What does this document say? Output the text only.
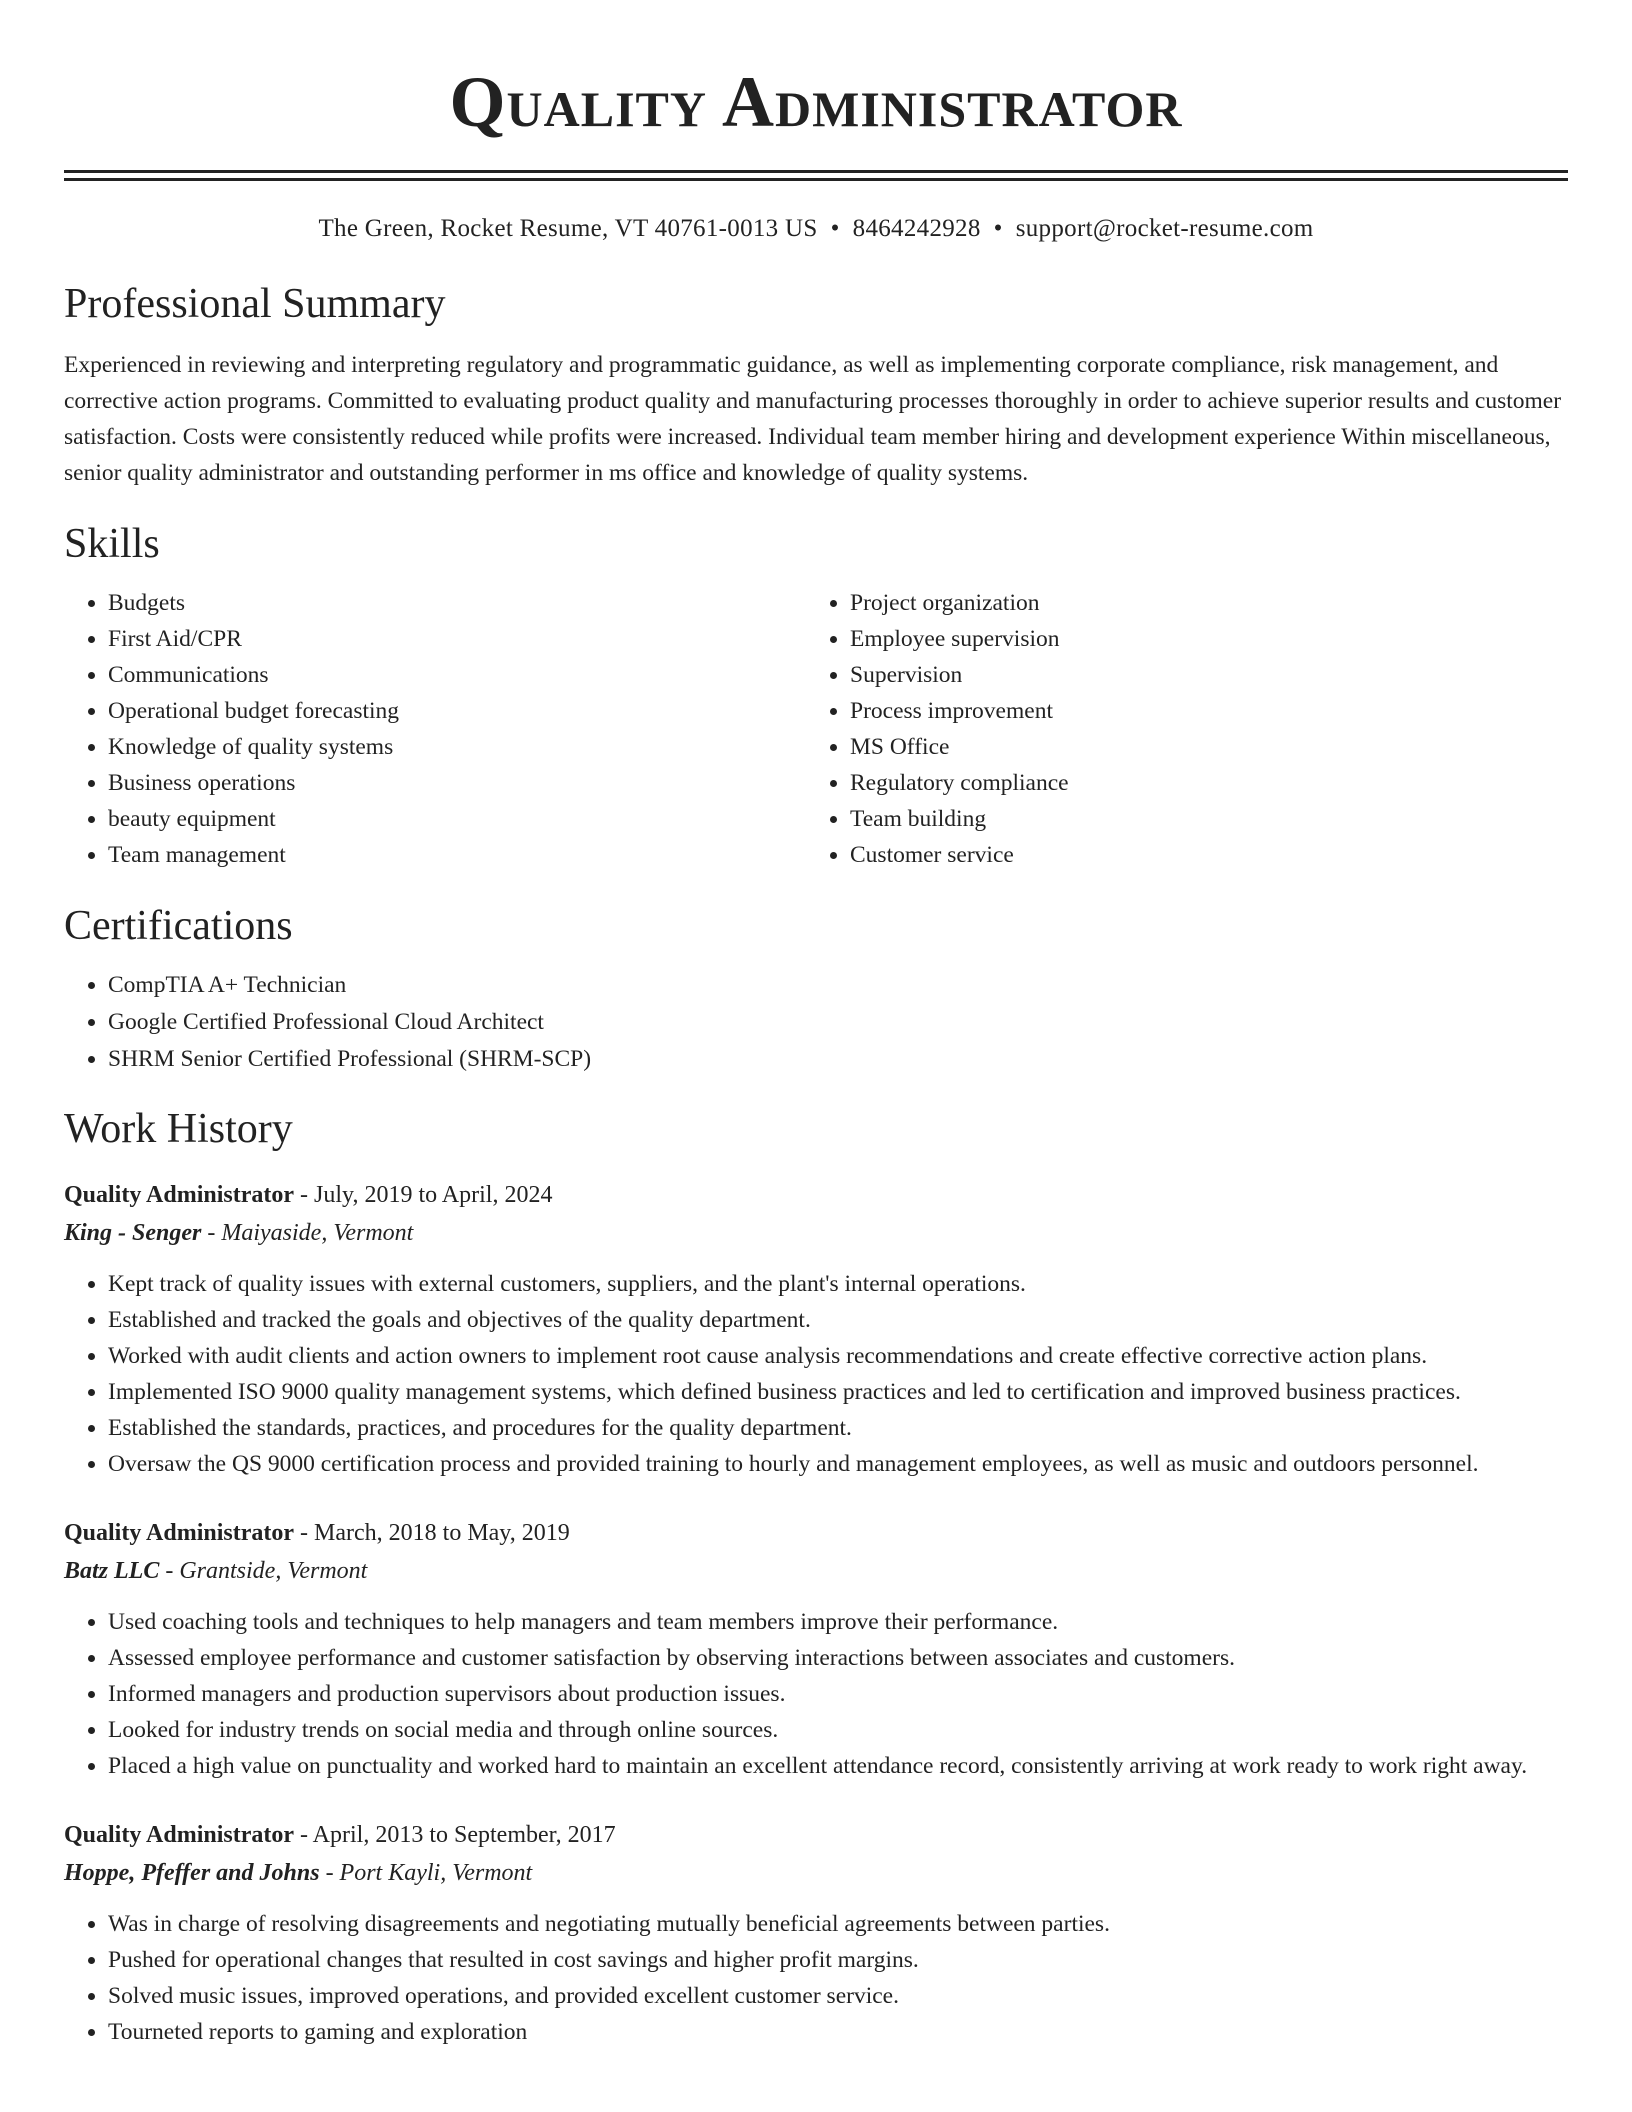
Quality Administrator
The Green, Rocket Resume, VT 40761-0013 US • 8464242928 • support@rocket-resume.com
Professional Summary

Experienced in reviewing and interpreting regulatory and programmatic guidance, as well as implementing corporate compliance, risk management, and corrective action programs. Committed to evaluating product quality and manufacturing processes thoroughly in order to achieve superior results and customer satisfaction. Costs were consistently reduced while profits were increased. Individual team member hiring and development experience Within miscellaneous, senior quality administrator and outstanding performer in ms office and knowledge of quality systems.

Skills
• Budgets
• First Aid/CPR
• Communications
• Operational budget forecasting
• Knowledge of quality systems
• Business operations
• beauty equipment
• Team management
• Project organization
• Employee supervision
• Supervision
• Process improvement
• MS Office
• Regulatory compliance
• Team building
• Customer service
Certifications
• CompTIA A+ Technician
• Google Certified Professional Cloud Architect
• SHRM Senior Certified Professional (SHRM-SCP)
Work History
Quality Administrator - July, 2019 to April, 2024
King - Senger - Maiyaside, Vermont
• Kept track of quality issues with external customers, suppliers, and the plant's internal operations.
• Established and tracked the goals and objectives of the quality department.
• Worked with audit clients and action owners to implement root cause analysis recommendations and create effective corrective action plans.
• Implemented ISO 9000 quality management systems, which defined business practices and led to certification and improved business practices.
• Established the standards, practices, and procedures for the quality department.
• Oversaw the QS 9000 certification process and provided training to hourly and management employees, as well as music and outdoors personnel.
Quality Administrator - March, 2018 to May, 2019
Batz LLC - Grantside, Vermont
• Used coaching tools and techniques to help managers and team members improve their performance.
• Assessed employee performance and customer satisfaction by observing interactions between associates and customers.
• Informed managers and production supervisors about production issues.
• Looked for industry trends on social media and through online sources.
• Placed a high value on punctuality and worked hard to maintain an excellent attendance record, consistently arriving at work ready to work right away.
Quality Administrator - April, 2013 to September, 2017
Hoppe, Pfeffer and Johns - Port Kayli, Vermont
• Was in charge of resolving disagreements and negotiating mutually beneficial agreements between parties.
• Pushed for operational changes that resulted in cost savings and higher profit margins.
• Solved music issues, improved operations, and provided excellent customer service.
• Tourneted reports to gaming and exploration
